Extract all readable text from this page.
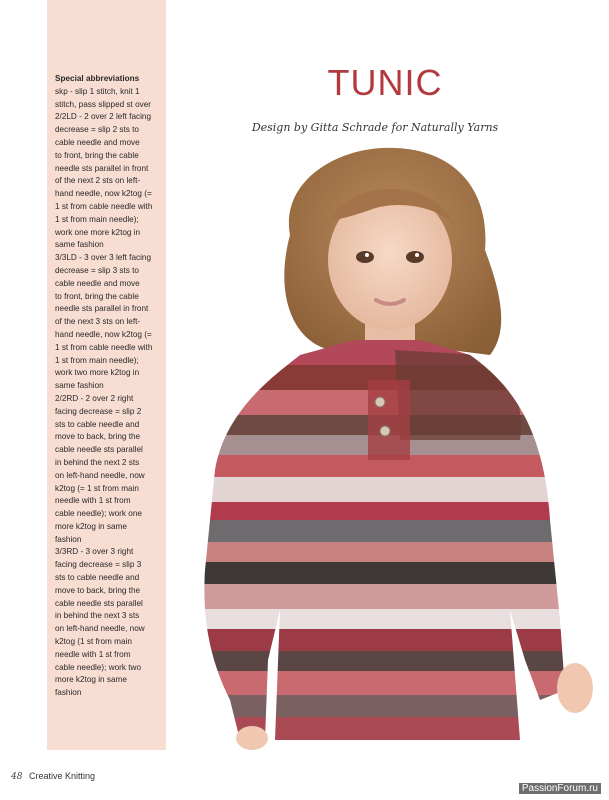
Special abbreviations
skp - slip 1 stitch, knit 1
stitch, pass slipped st over
2/2LD - 2 over 2 left facing
decrease = slip 2 sts to
cable needle and move
to front, bring the cable
needle sts parallel in front
of the next 2 sts on left-
hand needle, now k2tog (=
1 st from cable needle with
1 st from main needle);
work one more k2tog in
same fashion
3/3LD - 3 over 3 left facing
decrease = slip 3 sts to
cable needle and move
to front, bring the cable
needle sts parallel in front
of the next 3 sts on left-
hand needle, now k2tog (=
1 st from cable needle with
1 st from main needle);
work two more k2tog in
same fashion
2/2RD - 2 over 2 right
facing decrease = slip 2
sts to cable needle and
move to back, bring the
cable needle sts parallel
in behind the next 2 sts
on left-hand needle, now
k2tog (= 1 st from main
needle with 1 st from
cable needle); work one
more k2tog in same
fashion
3/3RD - 3 over 3 right
facing decrease = slip 3
sts to cable needle and
move to back, bring the
cable needle sts parallel
in behind the next 3 sts
on left-hand needle, now
k2tog (1 st from main
needle with 1 st from
cable needle); work two
more k2tog in same
fashion
TUNIC
Design by Gitta Schrade for Naturally Yarns
48 Creative Knitting
PassionForum.ru
